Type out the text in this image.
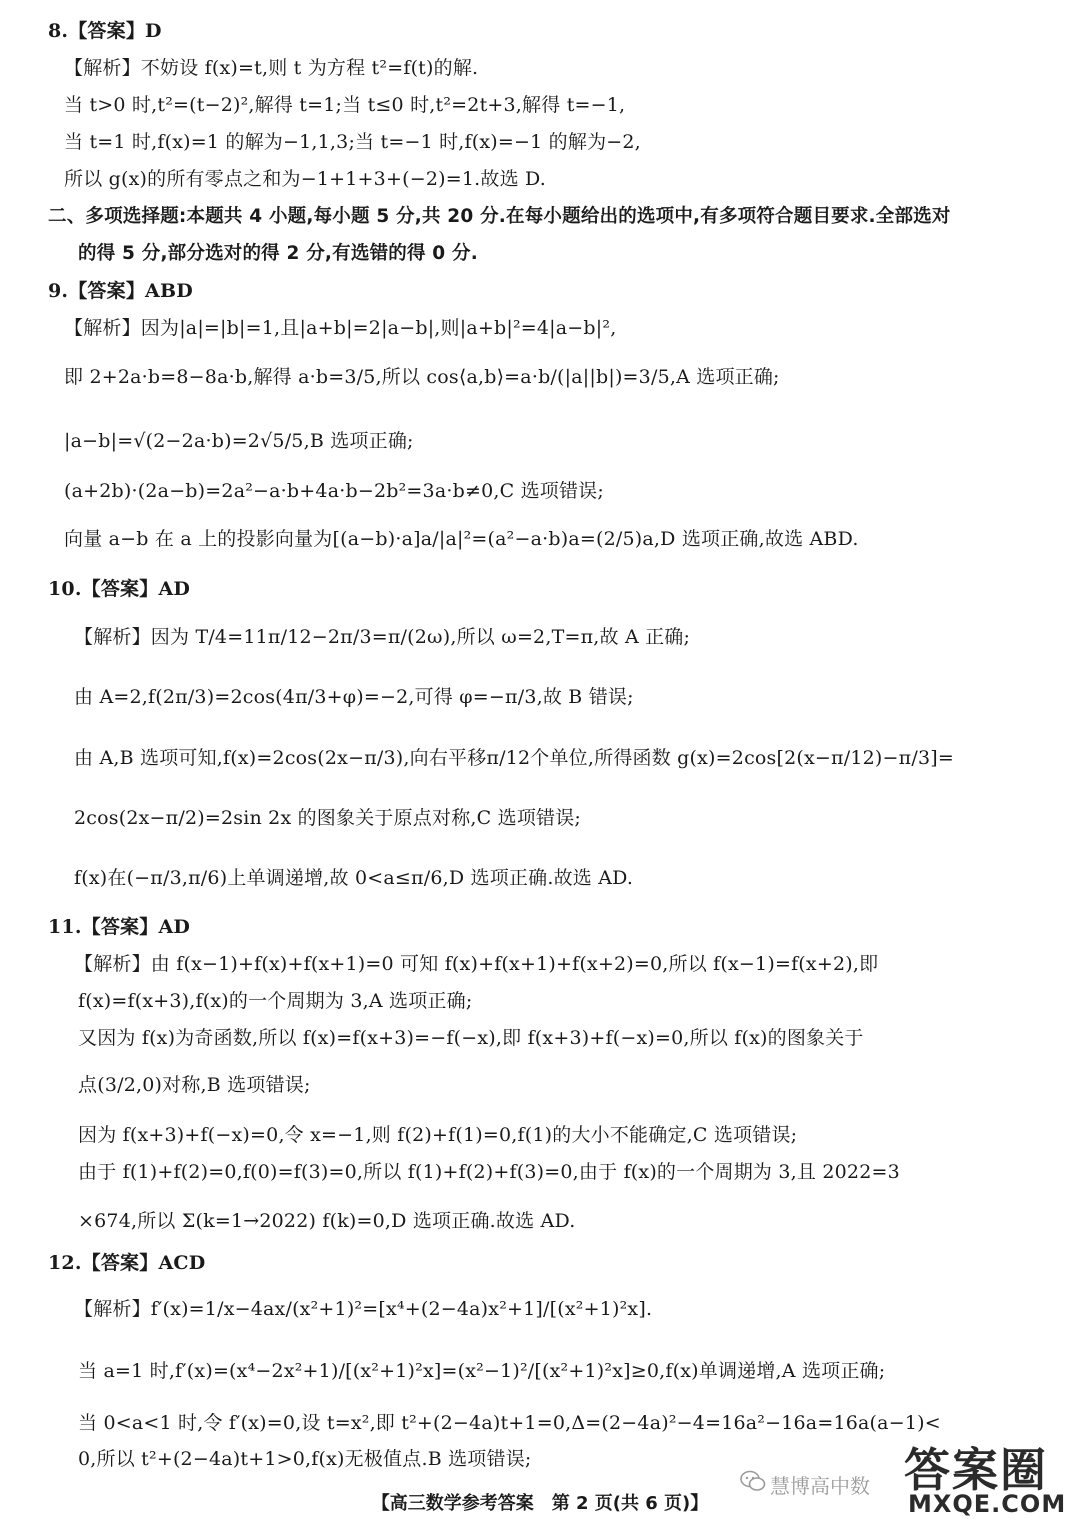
8.【答案】D
【解析】不妨设 f(x)=t,则 t 为方程 t²=f(t)的解.
当 t>0 时,t²=(t−2)²,解得 t=1;当 t≤0 时,t²=2t+3,解得 t=−1,
当 t=1 时,f(x)=1 的解为−1,1,3;当 t=−1 时,f(x)=−1 的解为−2,
所以 g(x)的所有零点之和为−1+1+3+(−2)=1.故选 D.
二、多项选择题:本题共 4 小题,每小题 5 分,共 20 分.在每小题给出的选项中,有多项符合题目要求.全部选对
的得 5 分,部分选对的得 2 分,有选错的得 0 分.
9.【答案】ABD
【解析】因为|a|=|b|=1,且|a+b|=2|a−b|,则|a+b|²=4|a−b|²,
即 2+2a·b=8−8a·b,解得 a·b=3/5,所以 cos⟨a,b⟩=a·b/(|a||b|)=3/5,A 选项正确;
|a−b|=√(2−2a·b)=2√5/5,B 选项正确;
(a+2b)·(2a−b)=2a²−a·b+4a·b−2b²=3a·b≠0,C 选项错误;
向量 a−b 在 a 上的投影向量为[(a−b)·a]a/|a|²=(a²−a·b)a=(2/5)a,D 选项正确,故选 ABD.
10.【答案】AD
【解析】因为 T/4=11π/12−2π/3=π/(2ω),所以 ω=2,T=π,故 A 正确;
由 A=2,f(2π/3)=2cos(4π/3+φ)=−2,可得 φ=−π/3,故 B 错误;
由 A,B 选项可知,f(x)=2cos(2x−π/3),向右平移π/12个单位,所得函数 g(x)=2cos[2(x−π/12)−π/3]=
2cos(2x−π/2)=2sin 2x 的图象关于原点对称,C 选项错误;
f(x)在(−π/3,π/6)上单调递增,故 0<a≤π/6,D 选项正确.故选 AD.
11.【答案】AD
【解析】由 f(x−1)+f(x)+f(x+1)=0 可知 f(x)+f(x+1)+f(x+2)=0,所以 f(x−1)=f(x+2),即
f(x)=f(x+3),f(x)的一个周期为 3,A 选项正确;
又因为 f(x)为奇函数,所以 f(x)=f(x+3)=−f(−x),即 f(x+3)+f(−x)=0,所以 f(x)的图象关于
点(3/2,0)对称,B 选项错误;
因为 f(x+3)+f(−x)=0,令 x=−1,则 f(2)+f(1)=0,f(1)的大小不能确定,C 选项错误;
由于 f(1)+f(2)=0,f(0)=f(3)=0,所以 f(1)+f(2)+f(3)=0,由于 f(x)的一个周期为 3,且 2022=3
×674,所以 Σ(k=1→2022) f(k)=0,D 选项正确.故选 AD.
12.【答案】ACD
【解析】f′(x)=1/x−4ax/(x²+1)²=[x⁴+(2−4a)x²+1]/[(x²+1)²x].
当 a=1 时,f′(x)=(x⁴−2x²+1)/[(x²+1)²x]=(x²−1)²/[(x²+1)²x]≥0,f(x)单调递增,A 选项正确;
当 0<a<1 时,令 f′(x)=0,设 t=x²,即 t²+(2−4a)t+1=0,Δ=(2−4a)²−4=16a²−16a=16a(a−1)<
0,所以 t²+(2−4a)t+1>0,f(x)无极值点.B 选项错误;
慧博高中数 答案圈
MXQE.COM
【高三数学参考答案　第 2 页(共 6 页)】
